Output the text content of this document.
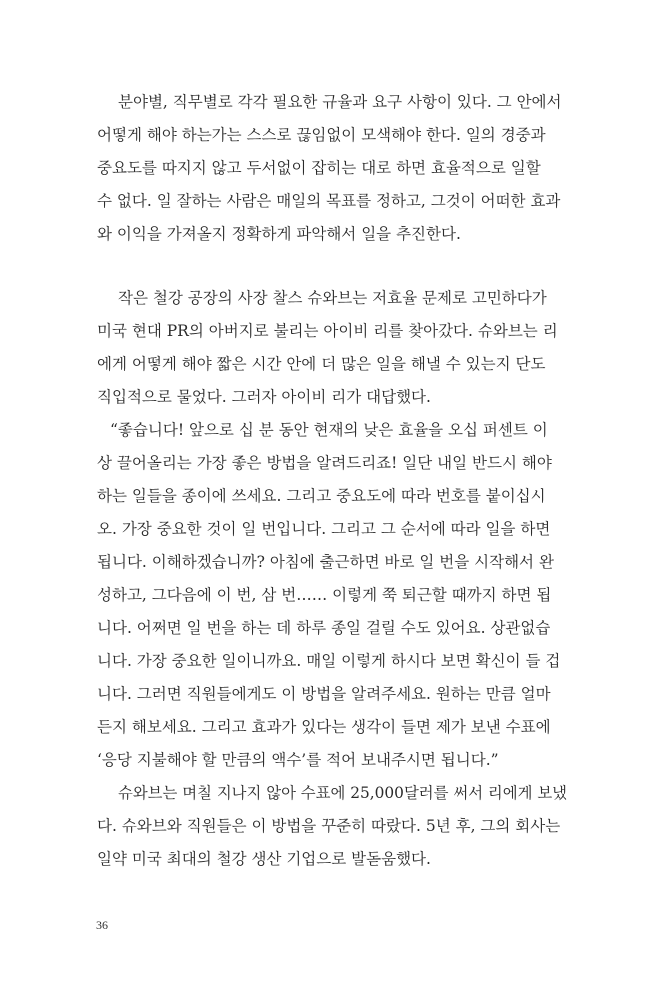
분야별, 직무별로 각각 필요한 규율과 요구 사항이 있다. 그 안에서
어떻게 해야 하는가는 스스로 끊임없이 모색해야 한다. 일의 경중과
중요도를 따지지 않고 두서없이 잡히는 대로 하면 효율적으로 일할
수 없다. 일 잘하는 사람은 매일의 목표를 정하고, 그것이 어떠한 효과
와 이익을 가져올지 정확하게 파악해서 일을 추진한다.
작은 철강 공장의 사장 찰스 슈와브는 저효율 문제로 고민하다가
미국 현대 PR의 아버지로 불리는 아이비 리를 찾아갔다. 슈와브는 리
에게 어떻게 해야 짧은 시간 안에 더 많은 일을 해낼 수 있는지 단도
직입적으로 물었다. 그러자 아이비 리가 대답했다.
“좋습니다! 앞으로 십 분 동안 현재의 낮은 효율을 오십 퍼센트 이
상 끌어올리는 가장 좋은 방법을 알려드리죠! 일단 내일 반드시 해야
하는 일들을 종이에 쓰세요. 그리고 중요도에 따라 번호를 붙이십시
오. 가장 중요한 것이 일 번입니다. 그리고 그 순서에 따라 일을 하면
됩니다. 이해하겠습니까? 아침에 출근하면 바로 일 번을 시작해서 완
성하고, 그다음에 이 번, 삼 번…… 이렇게 쭉 퇴근할 때까지 하면 됩
니다. 어쩌면 일 번을 하는 데 하루 종일 걸릴 수도 있어요. 상관없습
니다. 가장 중요한 일이니까요. 매일 이렇게 하시다 보면 확신이 들 겁
니다. 그러면 직원들에게도 이 방법을 알려주세요. 원하는 만큼 얼마
든지 해보세요. 그리고 효과가 있다는 생각이 들면 제가 보낸 수표에
‘응당 지불해야 할 만큼의 액수’를 적어 보내주시면 됩니다.”
슈와브는 며칠 지나지 않아 수표에 25,000달러를 써서 리에게 보냈
다. 슈와브와 직원들은 이 방법을 꾸준히 따랐다. 5년 후, 그의 회사는
일약 미국 최대의 철강 생산 기업으로 발돋움했다.
36
